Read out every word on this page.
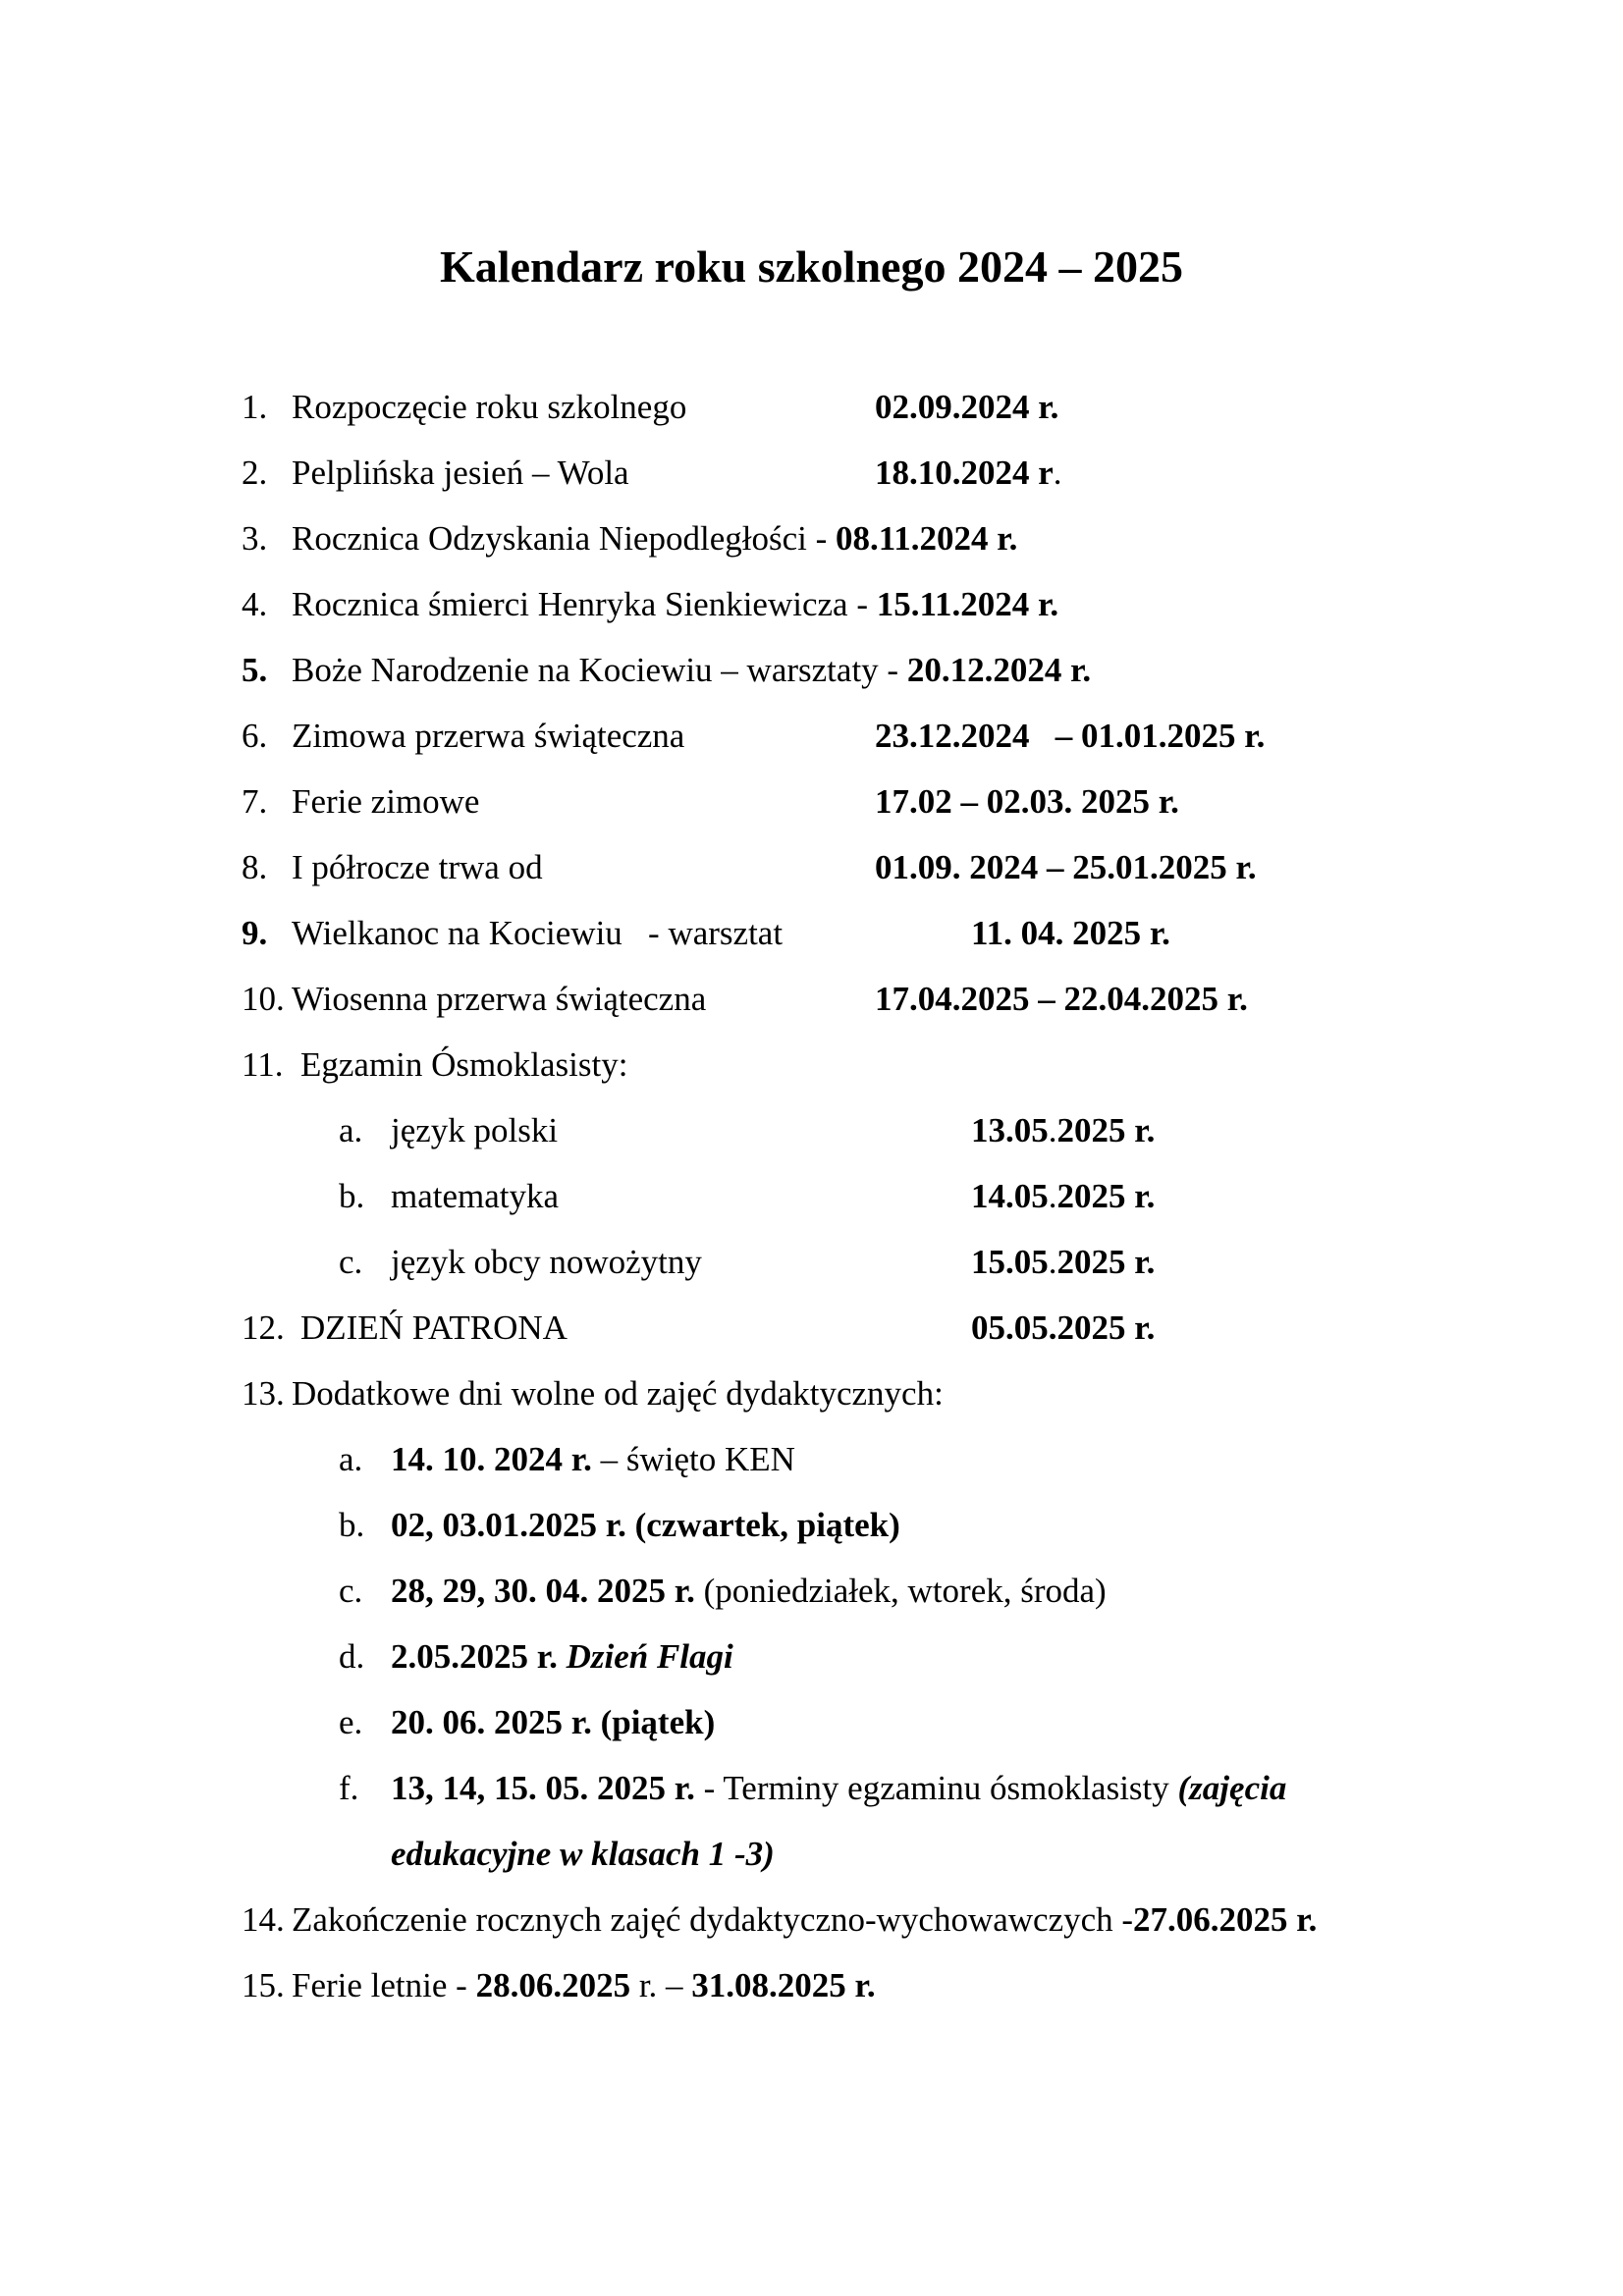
Kalendarz roku szkolnego 2024 – 2025
1. Rozpoczęcie roku szkolnego	02.09.2024 r.
2. Pelplińska jesień – Wola	18.10.2024 r.
3. Rocznica Odzyskania Niepodległości - 08.11.2024 r.
4. Rocznica śmierci Henryka Sienkiewicza - 15.11.2024 r.
5. Boże Narodzenie na Kociewiu – warsztaty - 20.12.2024 r.
6. Zimowa przerwa świąteczna	23.12.2024   – 01.01.2025 r.
7. Ferie zimowe	17.02 – 02.03. 2025 r.
8. I półrocze trwa od	01.09. 2024 – 25.01.2025 r.
9. Wielkanoc na Kociewiu   - warsztat	11. 04. 2025 r.
10. Wiosenna przerwa świąteczna	17.04.2025 – 22.04.2025 r.
11. Egzamin Ósmoklasisty:
a. język polski	13.05.2025 r.
b. matematyka	14.05.2025 r.
c. język obcy nowożytny	15.05.2025 r.
12. DZIEŃ PATRONA	05.05.2025 r.
13. Dodatkowe dni wolne od zajęć dydaktycznych:
a. 14. 10. 2024 r. – święto KEN
b. 02, 03.01.2025 r. (czwartek, piątek)
c. 28, 29, 30. 04. 2025 r. (poniedziałek, wtorek, środa)
d. 2.05.2025 r. Dzień Flagi
e. 20. 06. 2025 r. (piątek)
f. 13, 14, 15. 05. 2025 r. - Terminy egzaminu ósmoklasisty (zajęcia
edukacyjne w klasach 1 -3)
14. Zakończenie rocznych zajęć dydaktyczno-wychowawczych -27.06.2025 r.
15. Ferie letnie - 28.06.2025 r. – 31.08.2025 r.
